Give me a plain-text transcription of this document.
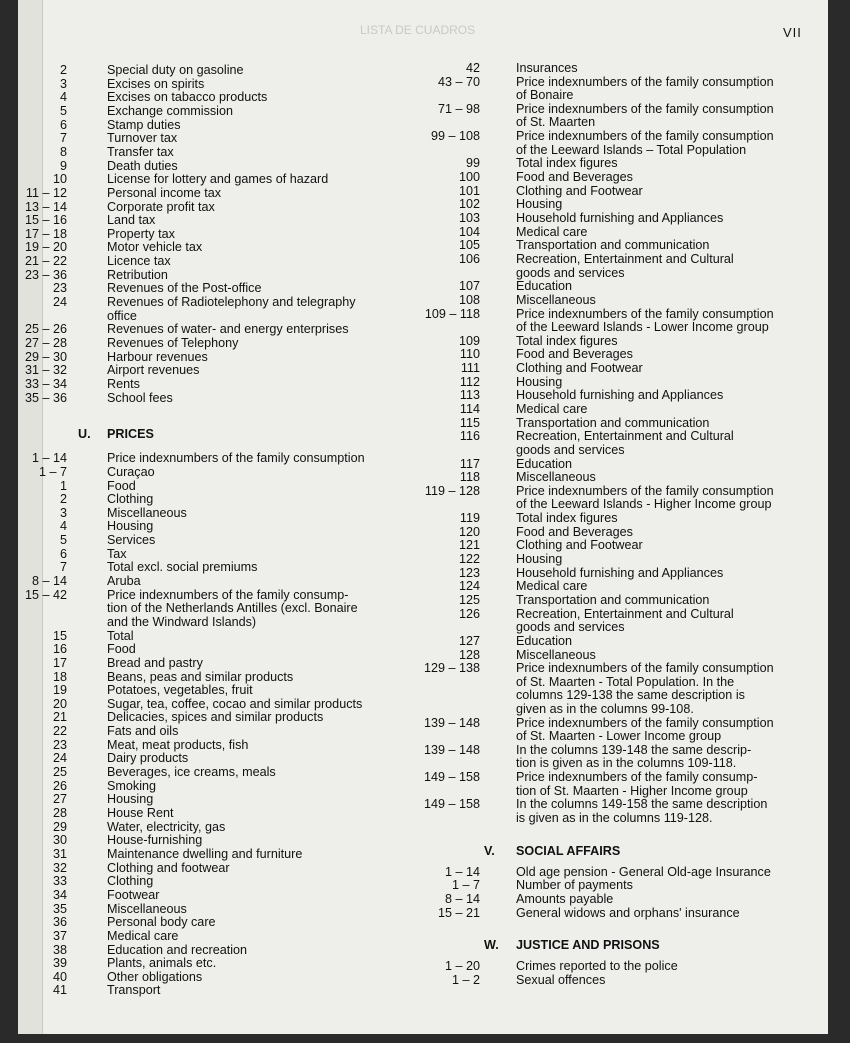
LISTA DE CUADROS	VII
2	Special duty on gasoline
3	Excises on spirits
4	Excises on tabacco products
5	Exchange commission
6	Stamp duties
7	Turnover tax
8	Transfer tax
9	Death duties
10	License for lottery and games of hazard
11 – 12	Personal income tax
13 – 14	Corporate profit tax
15 – 16	Land tax
17 – 18	Property tax
19 – 20	Motor vehicle tax
21 – 22	Licence tax
23 – 36	Retribution
23	Revenues of the Post-office
24	Revenues of Radiotelephony and telegraphy
office
25 – 26	Revenues of water- and energy enterprises
27 – 28	Revenues of Telephony
29 – 30	Harbour revenues
31 – 32	Airport revenues
33 – 34	Rents
35 – 36	School fees
U. PRICES
1 – 14	Price indexnumbers of the family consumption
1 – 7	Curaçao
1	Food
2	Clothing
3	Miscellaneous
4	Housing
5	Services
6	Tax
7	Total excl. social premiums
8 – 14	Aruba
15 – 42	Price indexnumbers of the family consump-
tion of the Netherlands Antilles (excl. Bonaire
and the Windward Islands)
15	Total
16	Food
17	Bread and pastry
18	Beans, peas and similar products
19	Potatoes, vegetables, fruit
20	Sugar, tea, coffee, cocao and similar products
21	Delicacies, spices and similar products
22	Fats and oils
23	Meat, meat products, fish
24	Dairy products
25	Beverages, ice creams, meals
26	Smoking
27	Housing
28	House Rent
29	Water, electricity, gas
30	House-furnishing
31	Maintenance dwelling and furniture
32	Clothing and footwear
33	Clothing
34	Footwear
35	Miscellaneous
36	Personal body care
37	Medical care
38	Education and recreation
39	Plants, animals etc.
40	Other obligations
41	Transport
42	Insurances
43 – 70	Price indexnumbers of the family consumption
of Bonaire
71 – 98	Price indexnumbers of the family consumption
of St. Maarten
99 – 108	Price indexnumbers of the family consumption
of the Leeward Islands – Total Population
99	Total index figures
100	Food and Beverages
101	Clothing and Footwear
102	Housing
103	Household furnishing and Appliances
104	Medical care
105	Transportation and communication
106	Recreation, Entertainment and Cultural
goods and services
107	Education
108	Miscellaneous
109 – 118	Price indexnumbers of the family consumption
of the Leeward Islands - Lower Income group
109	Total index figures
110	Food and Beverages
111	Clothing and Footwear
112	Housing
113	Household furnishing and Appliances
114	Medical care
115	Transportation and communication
116	Recreation, Entertainment and Cultural
goods and services
117	Education
118	Miscellaneous
119 – 128	Price indexnumbers of the family consumption
of the Leeward Islands - Higher Income group
119	Total index figures
120	Food and Beverages
121	Clothing and Footwear
122	Housing
123	Household furnishing and Appliances
124	Medical care
125	Transportation and communication
126	Recreation, Entertainment and Cultural
goods and services
127	Education
128	Miscellaneous
129 – 138	Price indexnumbers of the family consumption
of St. Maarten - Total Population. In the
columns 129-138 the same description is
given as in the columns 99-108.
139 – 148	Price indexnumbers of the family consumption
of St. Maarten - Lower Income group
139 – 148	In the columns 139-148 the same descrip-
tion is given as in the columns 109-118.
149 – 158	Price indexnumbers of the family consump-
tion of St. Maarten - Higher Income group
149 – 158	In the columns 149-158 the same description
is given as in the columns 119-128.
V. SOCIAL AFFAIRS
1 – 14	Old age pension - General Old-age Insurance
1 – 7	Number of payments
8 – 14	Amounts payable
15 – 21	General widows and orphans' insurance
W. JUSTICE AND PRISONS
1 – 20	Crimes reported to the police
1 – 2	Sexual offences
